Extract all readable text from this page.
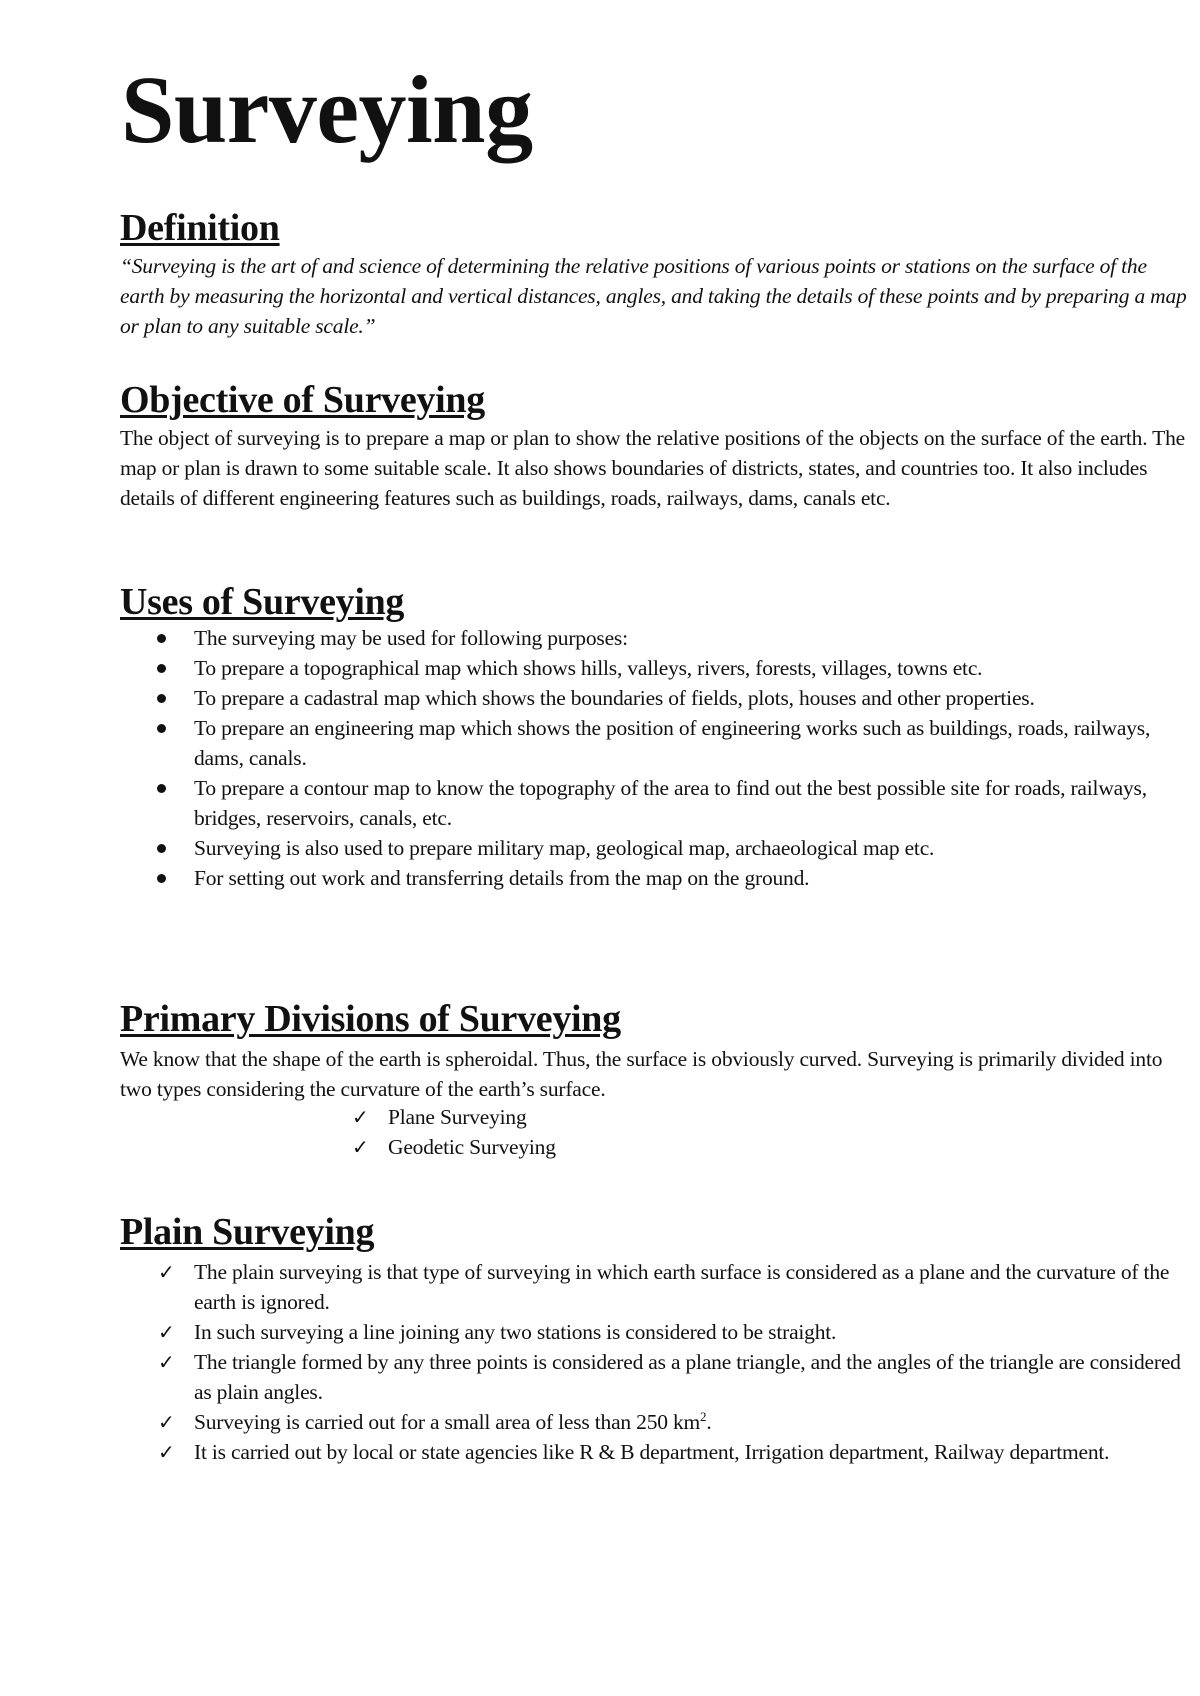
Surveying
Definition

“Surveying is the art of and science of determining the relative positions of various points or stations on the surface of the earth by measuring the horizontal and vertical distances, angles, and taking the details of these points and by preparing a map or plan to any suitable scale.”

Objective of Surveying

The object of surveying is to prepare a map or plan to show the relative positions of the objects on the surface of the earth. The map or plan is drawn to some suitable scale. It also shows boundaries of districts, states, and countries too. It also includes details of different engineering features such as buildings, roads, railways, dams, canals etc.

Uses of Surveying
The surveying may be used for following purposes:
To prepare a topographical map which shows hills, valleys, rivers, forests, villages, towns etc.
To prepare a cadastral map which shows the boundaries of fields, plots, houses and other properties.
To prepare an engineering map which shows the position of engineering works such as buildings, roads, railways, dams, canals.
To prepare a contour map to know the topography of the area to find out the best possible site for roads, railways, bridges, reservoirs, canals, etc.
Surveying is also used to prepare military map, geological map, archaeological map etc.
For setting out work and transferring details from the map on the ground.
Primary Divisions of Surveying

We know that the shape of the earth is spheroidal. Thus, the surface is obviously curved. Surveying is primarily divided into two types considering the curvature of the earth’s surface.

✓ Plane Surveying
✓ Geodetic Surveying
Plain Surveying
✓ The plain surveying is that type of surveying in which earth surface is considered as a plane and the curvature of the earth is ignored.
✓ In such surveying a line joining any two stations is considered to be straight.
✓ The triangle formed by any three points is considered as a plane triangle, and the angles of the triangle are considered as plain angles.
✓ Surveying is carried out for a small area of less than 250 $km^2$.
✓ It is carried out by local or state agencies like R & B department, Irrigation department, Railway department.
